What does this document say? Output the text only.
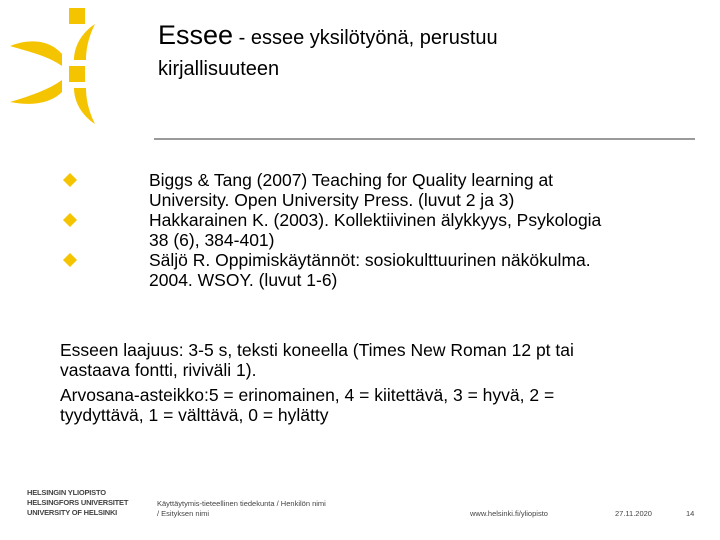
Essee - essee yksilötyönä, perustuu
kirjallisuuteen
Biggs & Tang (2007) Teaching for Quality learning at
University. Open University Press. (luvut 2 ja 3)
Hakkarainen K. (2003). Kollektiivinen älykkyys, Psykologia
38 (6), 384-401)
Säljö R. Oppimiskäytännöt: sosiokulttuurinen näkökulma.
2004. WSOY. (luvut 1-6)
Esseen laajuus: 3-5 s, teksti koneella (Times New Roman 12 pt tai
vastaava fontti, riviväli 1).
Arvosana-asteikko:5 = erinomainen, 4 = kiitettävä, 3 = hyvä, 2 =
tyydyttävä, 1 = välttävä, 0 = hylätty
HELSINGIN YLIOPISTO
HELSINGFORS UNIVERSITET
UNIVERSITY OF HELSINKI
Käyttäytymis-tieteellinen tiedekunta / Henkilön nimi
/ Esityksen nimi	www.helsinki.fi/yliopisto	27.11.2020	14
